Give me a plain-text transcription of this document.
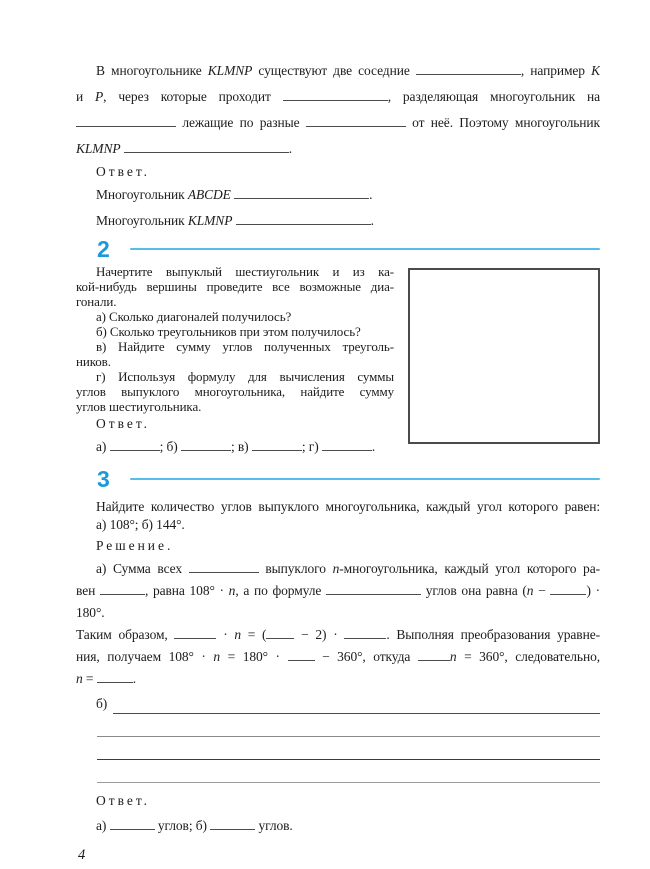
В многоугольнике KLMNP существуют две соседние	, например K
и P, через которые проходит	, разделяющая многоугольник на
лежащие по разные	от неё. Поэтому многоугольник
KLMNP	.
Ответ.
Многоугольник ABCDE	.
Многоугольник KLMNP	.
2
Начертите выпуклый шестиугольник и из ка-
кой-нибудь вершины проведите все возможные диа-
гонали.
а) Сколько диагоналей получилось?
б) Сколько треугольников при этом получилось?
в) Найдите сумму углов полученных треуголь-
ников.
г) Используя формулу для вычисления суммы
углов выпуклого многоугольника, найдите сумму
углов шестиугольника.
Ответ.
а)	; б)	; в)	; г)	.
3
Найдите количество углов выпуклого многоугольника, каждый угол которого равен:
а) 108°; б) 144°.
Решение.
а) Сумма всех	выпуклого n-многоугольника, каждый угол которого ра-
вен	, равна 108° · n, а по формуле	углов она равна (n −	) · 180°.
Таким образом,	· n = ( − 2) ·	. Выполняя преобразования уравне-
ния, получаем 108° · n = 180° ·  − 360°, откуда n = 360°, следовательно,
n =	.
б)
Ответ.
а)	углов; б)	углов.
4
